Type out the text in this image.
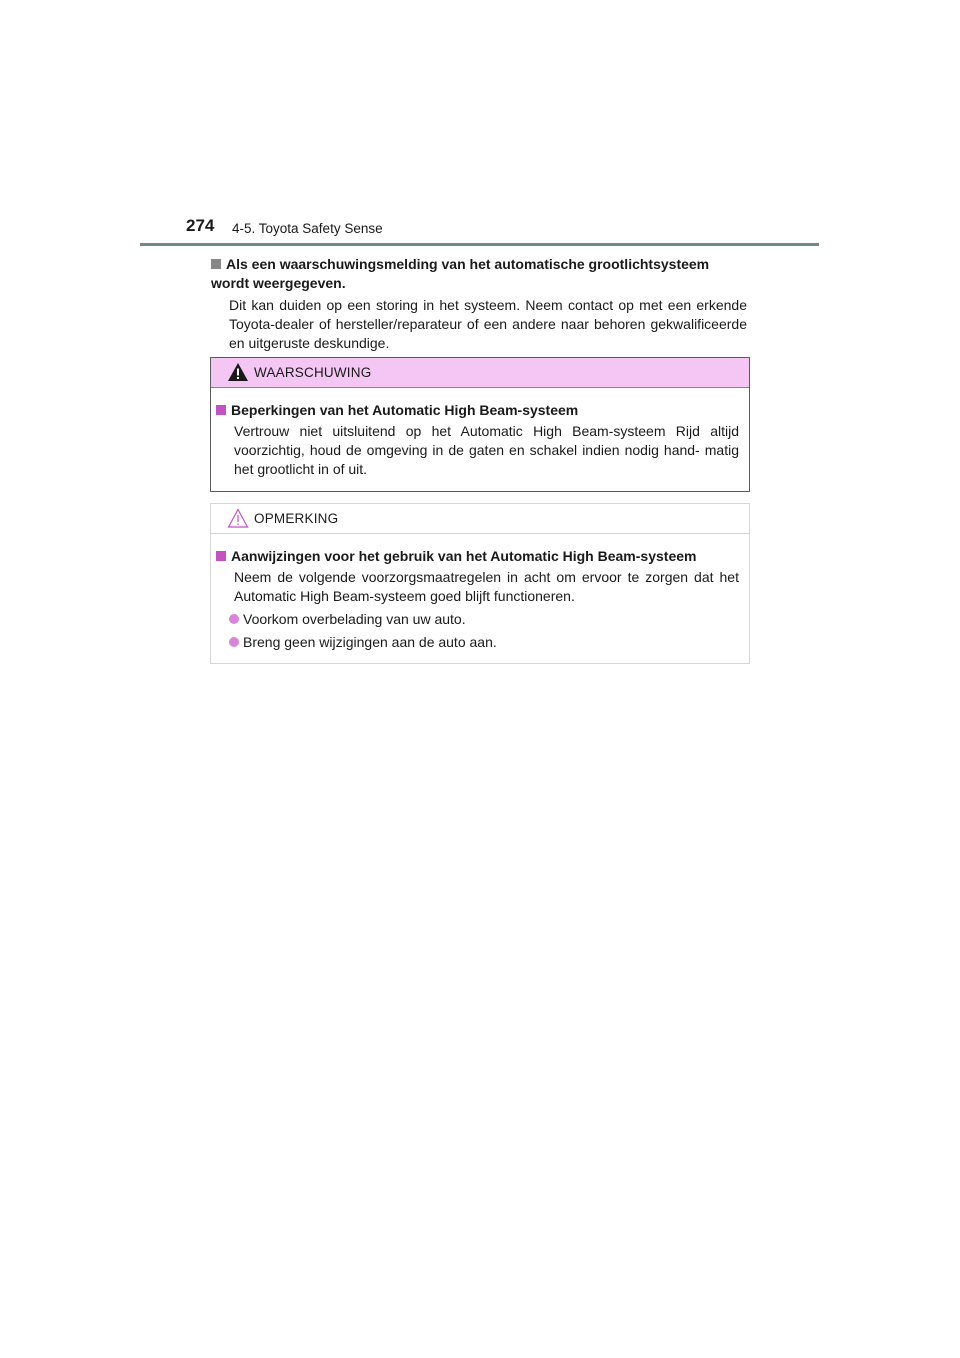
274 4-5. Toyota Safety Sense
Als een waarschuwingsmelding van het automatische grootlichtsysteem wordt weergegeven.
Dit kan duiden op een storing in het systeem. Neem contact op met een erkende Toyota-dealer of hersteller/reparateur of een andere naar behoren gekwalificeerde en uitgeruste deskundige.
WAARSCHUWING
Beperkingen van het Automatic High Beam-systeem
Vertrouw niet uitsluitend op het Automatic High Beam-systeem Rijd altijd voorzichtig, houd de omgeving in de gaten en schakel indien nodig hand- matig het grootlicht in of uit.
OPMERKING
Aanwijzingen voor het gebruik van het Automatic High Beam-systeem
Neem de volgende voorzorgsmaatregelen in acht om ervoor te zorgen dat het Automatic High Beam-systeem goed blijft functioneren.
Voorkom overbelading van uw auto.
Breng geen wijzigingen aan de auto aan.
